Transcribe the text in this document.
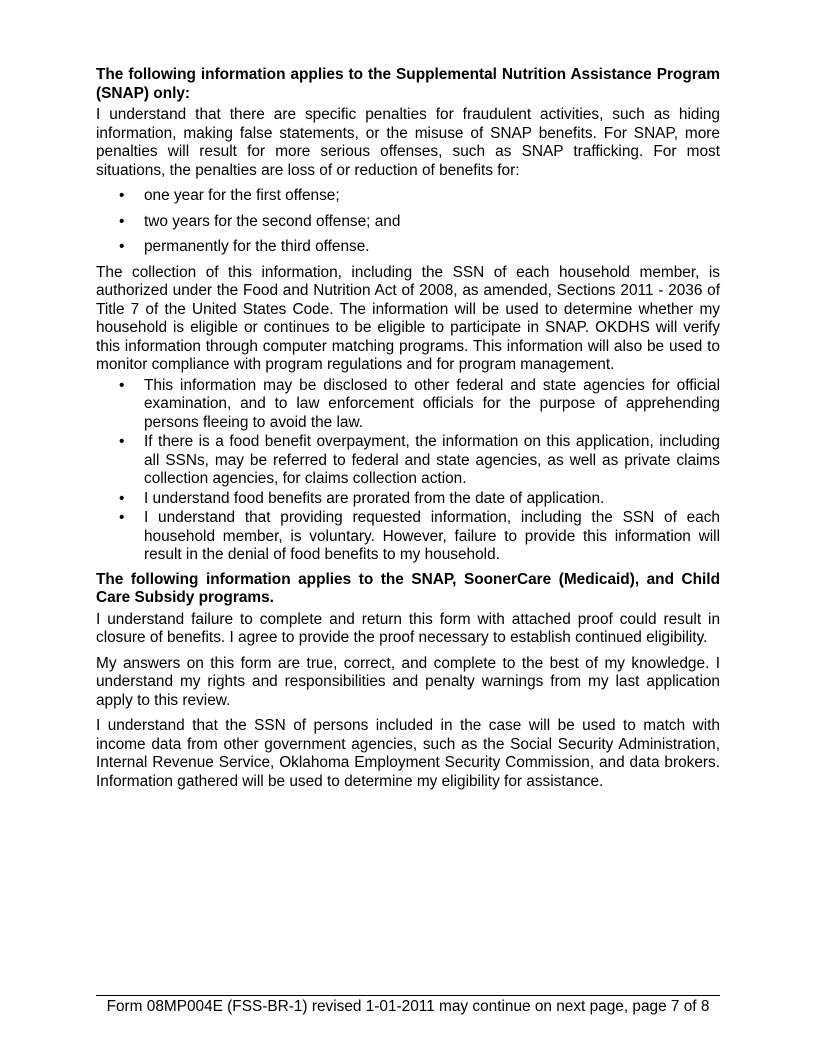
The following information applies to the Supplemental Nutrition Assistance Program (SNAP) only:

I understand that there are specific penalties for fraudulent activities, such as hiding information, making false statements, or the misuse of SNAP benefits. For SNAP, more penalties will result for more serious offenses, such as SNAP trafficking. For most situations, the penalties are loss of or reduction of benefits for:

• one year for the first offense;
• two years for the second offense; and
• permanently for the third offense.

The collection of this information, including the SSN of each household member, is authorized under the Food and Nutrition Act of 2008, as amended, Sections 2011 - 2036 of Title 7 of the United States Code. The information will be used to determine whether my household is eligible or continues to be eligible to participate in SNAP. OKDHS will verify this information through computer matching programs. This information will also be used to monitor compliance with program regulations and for program management.

• This information may be disclosed to other federal and state agencies for official examination, and to law enforcement officials for the purpose of apprehending persons fleeing to avoid the law.
• If there is a food benefit overpayment, the information on this application, including all SSNs, may be referred to federal and state agencies, as well as private claims collection agencies, for claims collection action.
• I understand food benefits are prorated from the date of application.
• I understand that providing requested information, including the SSN of each household member, is voluntary. However, failure to provide this information will result in the denial of food benefits to my household.
The following information applies to the SNAP, SoonerCare (Medicaid), and Child Care Subsidy programs.

I understand failure to complete and return this form with attached proof could result in closure of benefits. I agree to provide the proof necessary to establish continued eligibility.

My answers on this form are true, correct, and complete to the best of my knowledge. I understand my rights and responsibilities and penalty warnings from my last application apply to this review.

I understand that the SSN of persons included in the case will be used to match with income data from other government agencies, such as the Social Security Administration, Internal Revenue Service, Oklahoma Employment Security Commission, and data brokers. Information gathered will be used to determine my eligibility for assistance.

Form 08MP004E (FSS-BR-1) revised 1-01-2011 may continue on next page, page 7 of 8
